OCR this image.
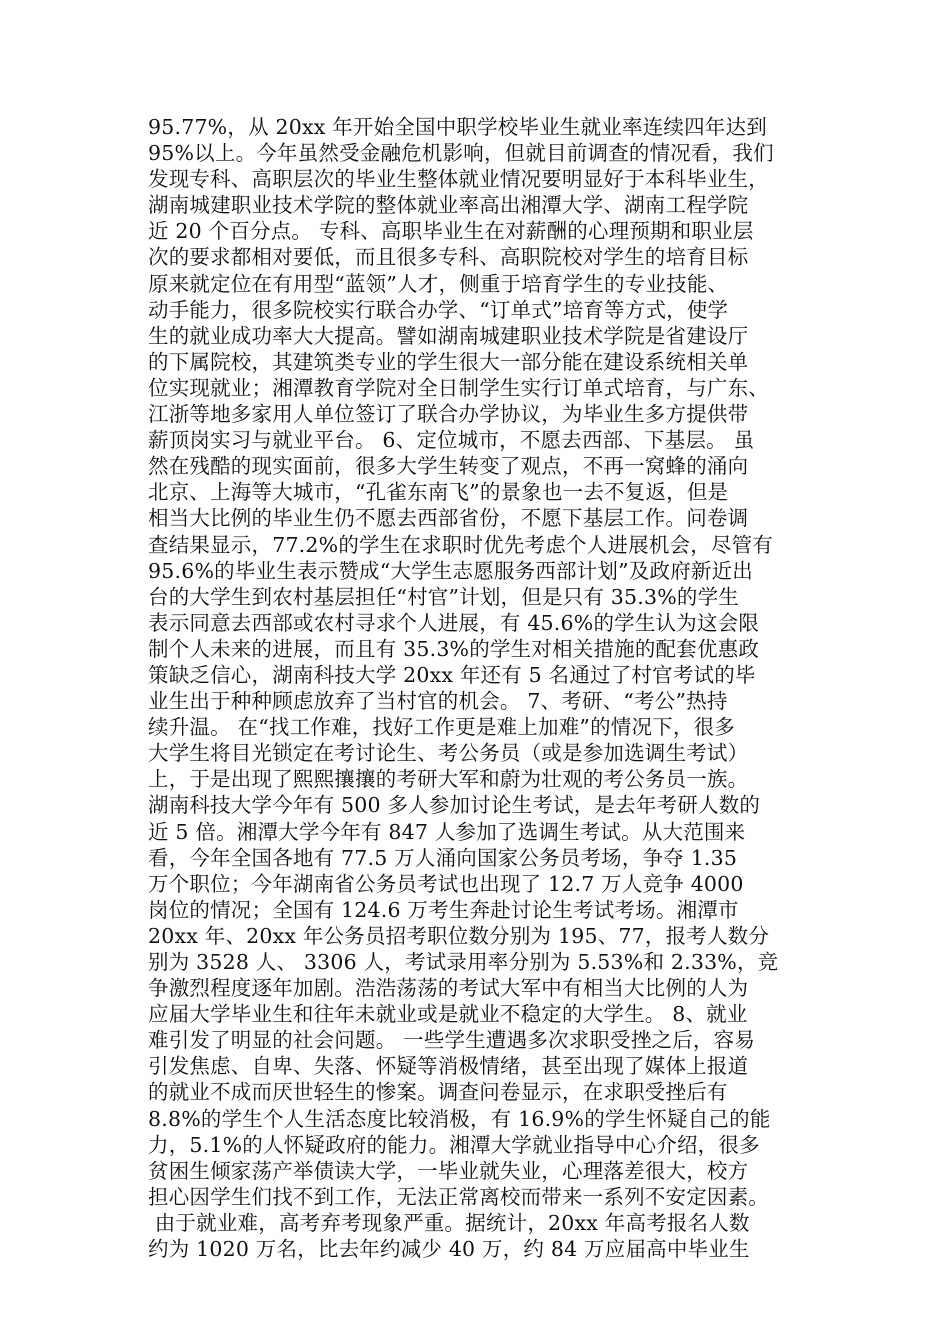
95.77%，从 20xx 年开始全国中职学校毕业生就业率连续四年达到
95%以上。今年虽然受金融危机影响，但就目前调查的情况看，我们
发现专科、高职层次的毕业生整体就业情况要明显好于本科毕业生，
湖南城建职业技术学院的整体就业率高出湘潭大学、湖南工程学院
近 20 个百分点。 专科、高职毕业生在对薪酬的心理预期和职业层
次的要求都相对要低，而且很多专科、高职院校对学生的培育目标
原来就定位在有用型“蓝领”人才，侧重于培育学生的专业技能、
动手能力，很多院校实行联合办学、“订单式”培育等方式，使学
生的就业成功率大大提高。譬如湖南城建职业技术学院是省建设厅
的下属院校，其建筑类专业的学生很大一部分能在建设系统相关单
位实现就业；湘潭教育学院对全日制学生实行订单式培育，与广东、
江浙等地多家用人单位签订了联合办学协议，为毕业生多方提供带
薪顶岗实习与就业平台。 6、定位城市，不愿去西部、下基层。 虽
然在残酷的现实面前，很多大学生转变了观点，不再一窝蜂的涌向
北京、上海等大城市，“孔雀东南飞”的景象也一去不复返，但是
相当大比例的毕业生仍不愿去西部省份，不愿下基层工作。问卷调
查结果显示，77.2%的学生在求职时优先考虑个人进展机会，尽管有
95.6%的毕业生表示赞成“大学生志愿服务西部计划”及政府新近出
台的大学生到农村基层担任“村官”计划，但是只有 35.3%的学生
表示同意去西部或农村寻求个人进展，有 45.6%的学生认为这会限
制个人未来的进展，而且有 35.3%的学生对相关措施的配套优惠政
策缺乏信心，湖南科技大学 20xx 年还有 5 名通过了村官考试的毕
业生出于种种顾虑放弃了当村官的机会。 7、考研、“考公”热持
续升温。 在“找工作难，找好工作更是难上加难”的情况下，很多
大学生将目光锁定在考讨论生、考公务员（或是参加选调生考试）
上，于是出现了熙熙攘攘的考研大军和蔚为壮观的考公务员一族。
湖南科技大学今年有 500 多人参加讨论生考试，是去年考研人数的
近 5 倍。湘潭大学今年有 847 人参加了选调生考试。从大范围来
看，今年全国各地有 77.5 万人涌向国家公务员考场，争夺 1.35
万个职位；今年湖南省公务员考试也出现了 12.7 万人竞争 4000
岗位的情况；全国有 124.6 万考生奔赴讨论生考试考场。湘潭市
20xx 年、20xx 年公务员招考职位数分别为 195、77，报考人数分
别为 3528 人、 3306 人，考试录用率分别为 5.53%和 2.33%，竞
争激烈程度逐年加剧。浩浩荡荡的考试大军中有相当大比例的人为
应届大学毕业生和往年未就业或是就业不稳定的大学生。 8、就业
难引发了明显的社会问题。 一些学生遭遇多次求职受挫之后，容易
引发焦虑、自卑、失落、怀疑等消极情绪，甚至出现了媒体上报道
的就业不成而厌世轻生的惨案。调查问卷显示，在求职受挫后有
8.8%的学生个人生活态度比较消极，有 16.9%的学生怀疑自己的能
力，5.1%的人怀疑政府的能力。湘潭大学就业指导中心介绍，很多
贫困生倾家荡产举债读大学，一毕业就失业，心理落差很大，校方
担心因学生们找不到工作，无法正常离校而带来一系列不安定因素。
由于就业难，高考弃考现象严重。据统计，20xx 年高考报名人数
约为 1020 万名，比去年约减少 40 万，约 84 万应届高中毕业生
